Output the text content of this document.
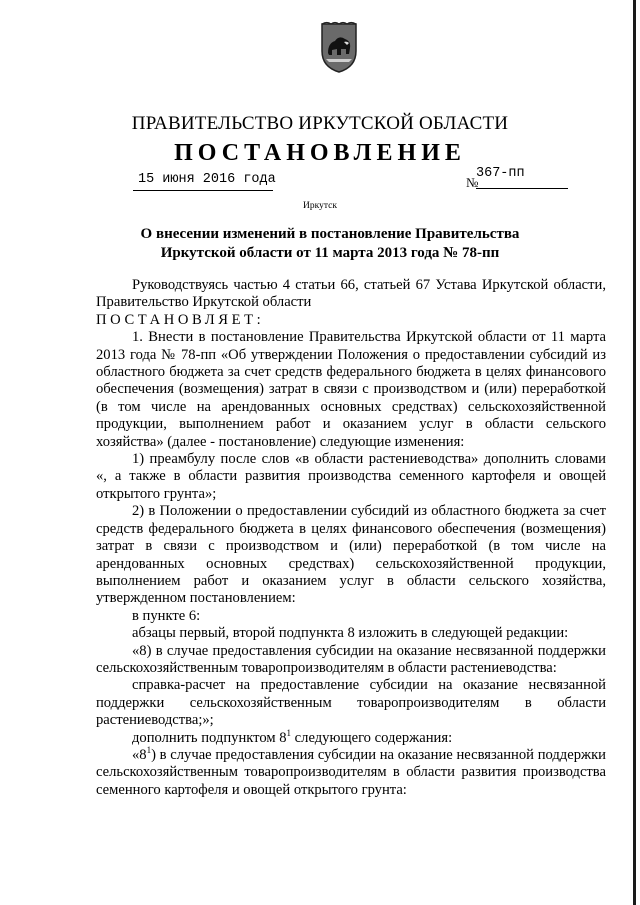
ПРАВИТЕЛЬСТВО ИРКУТСКОЙ ОБЛАСТИ
ПОСТАНОВЛЕНИЕ
15 июня 2016 года	№
367-пп
Иркутск
О внесении изменений в постановление Правительства Иркутской области от 11 марта 2013 года № 78-пп

Руководствуясь частью 4 статьи 66, статьей 67 Устава Иркутской области, Правительство Иркутской области

ПОСТАНОВЛЯЕТ:

1. Внести в постановление Правительства Иркутской области от 11 марта 2013 года № 78-пп «Об утверждении Положения о предоставлении субсидий из областного бюджета за счет средств федерального бюджета в целях финансового обеспечения (возмещения) затрат в связи с производством и (или) переработкой (в том числе на арендованных основных средствах) сельскохозяйственной продукции, выполнением работ и оказанием услуг в области сельского хозяйства» (далее - постановление) следующие изменения:

1) преамбулу после слов «в области растениеводства» дополнить словами «, а также в области развития производства семенного картофеля и овощей открытого грунта»;

2) в Положении о предоставлении субсидий из областного бюджета за счет средств федерального бюджета в целях финансового обеспечения (возмещения) затрат в связи с производством и (или) переработкой (в том числе на арендованных основных средствах) сельскохозяйственной продукции, выполнением работ и оказанием услуг в области сельского хозяйства, утвержденном постановлением:

в пункте 6:

абзацы первый, второй подпункта 8 изложить в следующей редакции:

«8) в случае предоставления субсидии на оказание несвязанной поддержки сельскохозяйственным товаропроизводителям в области растениеводства:

справка-расчет на предоставление субсидии на оказание несвязанной поддержки сельскохозяйственным товаропроизводителям в области растениеводства;»;

дополнить подпунктом $8^1$ следующего содержания:

«$8^1$) в случае предоставления субсидии на оказание несвязанной поддержки сельскохозяйственным товаропроизводителям в области развития производства семенного картофеля и овощей открытого грунта:
